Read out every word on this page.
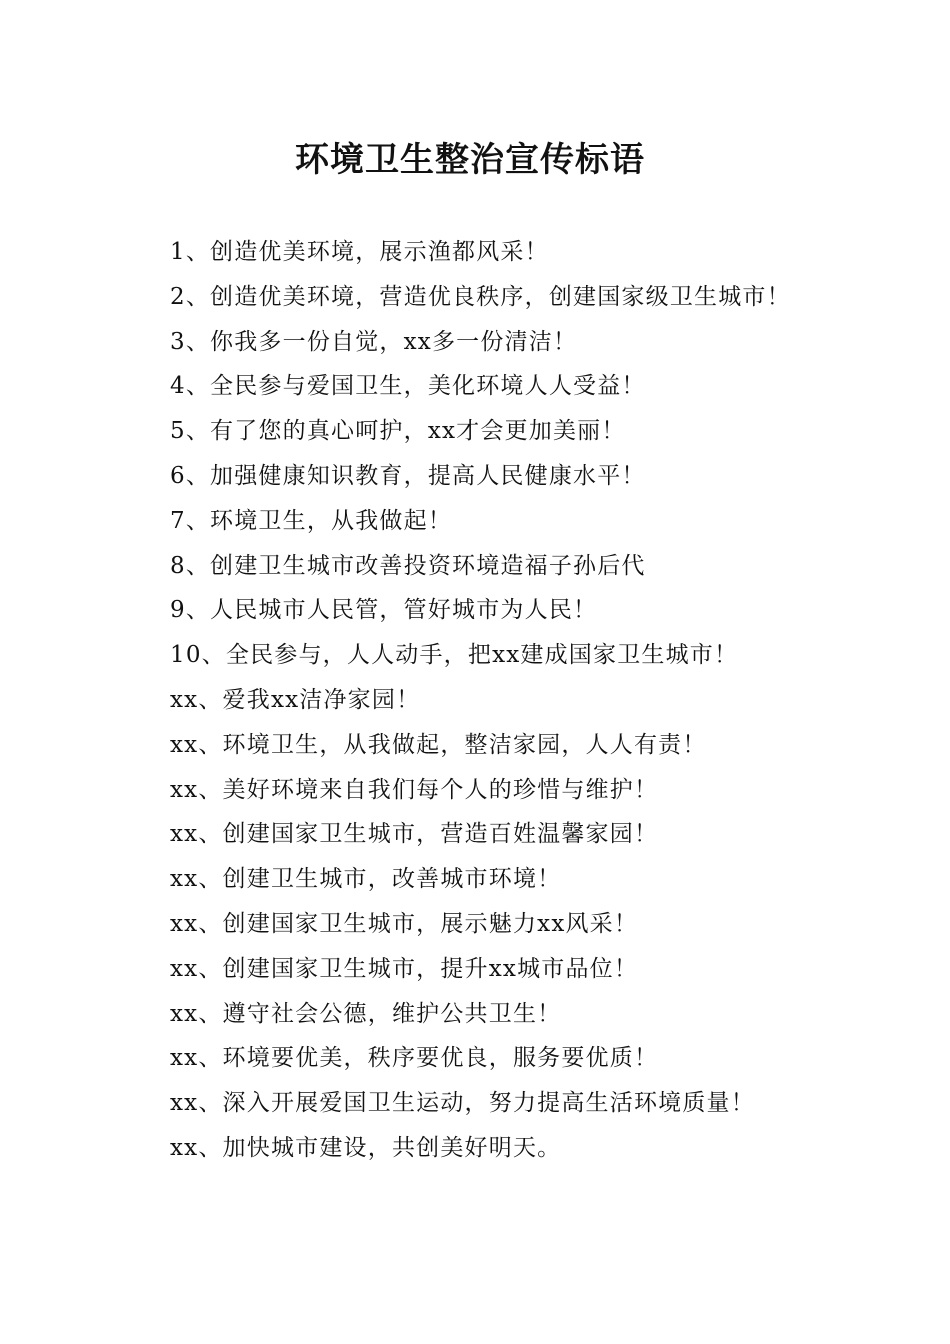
环境卫生整治宣传标语
1、创造优美环境，展示渔都风采！
2、创造优美环境，营造优良秩序，创建国家级卫生城市！
3、你我多一份自觉，xx多一份清洁！
4、全民参与爱国卫生，美化环境人人受益！
5、有了您的真心呵护，xx才会更加美丽！
6、加强健康知识教育，提高人民健康水平！
7、环境卫生，从我做起！
8、创建卫生城市改善投资环境造福子孙后代
9、人民城市人民管，管好城市为人民！
10、全民参与，人人动手，把xx建成国家卫生城市！
xx、爱我xx洁净家园！
xx、环境卫生，从我做起，整洁家园，人人有责！
xx、美好环境来自我们每个人的珍惜与维护！
xx、创建国家卫生城市，营造百姓温馨家园！
xx、创建卫生城市，改善城市环境！
xx、创建国家卫生城市，展示魅力xx风采！
xx、创建国家卫生城市，提升xx城市品位！
xx、遵守社会公德，维护公共卫生！
xx、环境要优美，秩序要优良，服务要优质！
xx、深入开展爱国卫生运动，努力提高生活环境质量！
xx、加快城市建设，共创美好明天。
